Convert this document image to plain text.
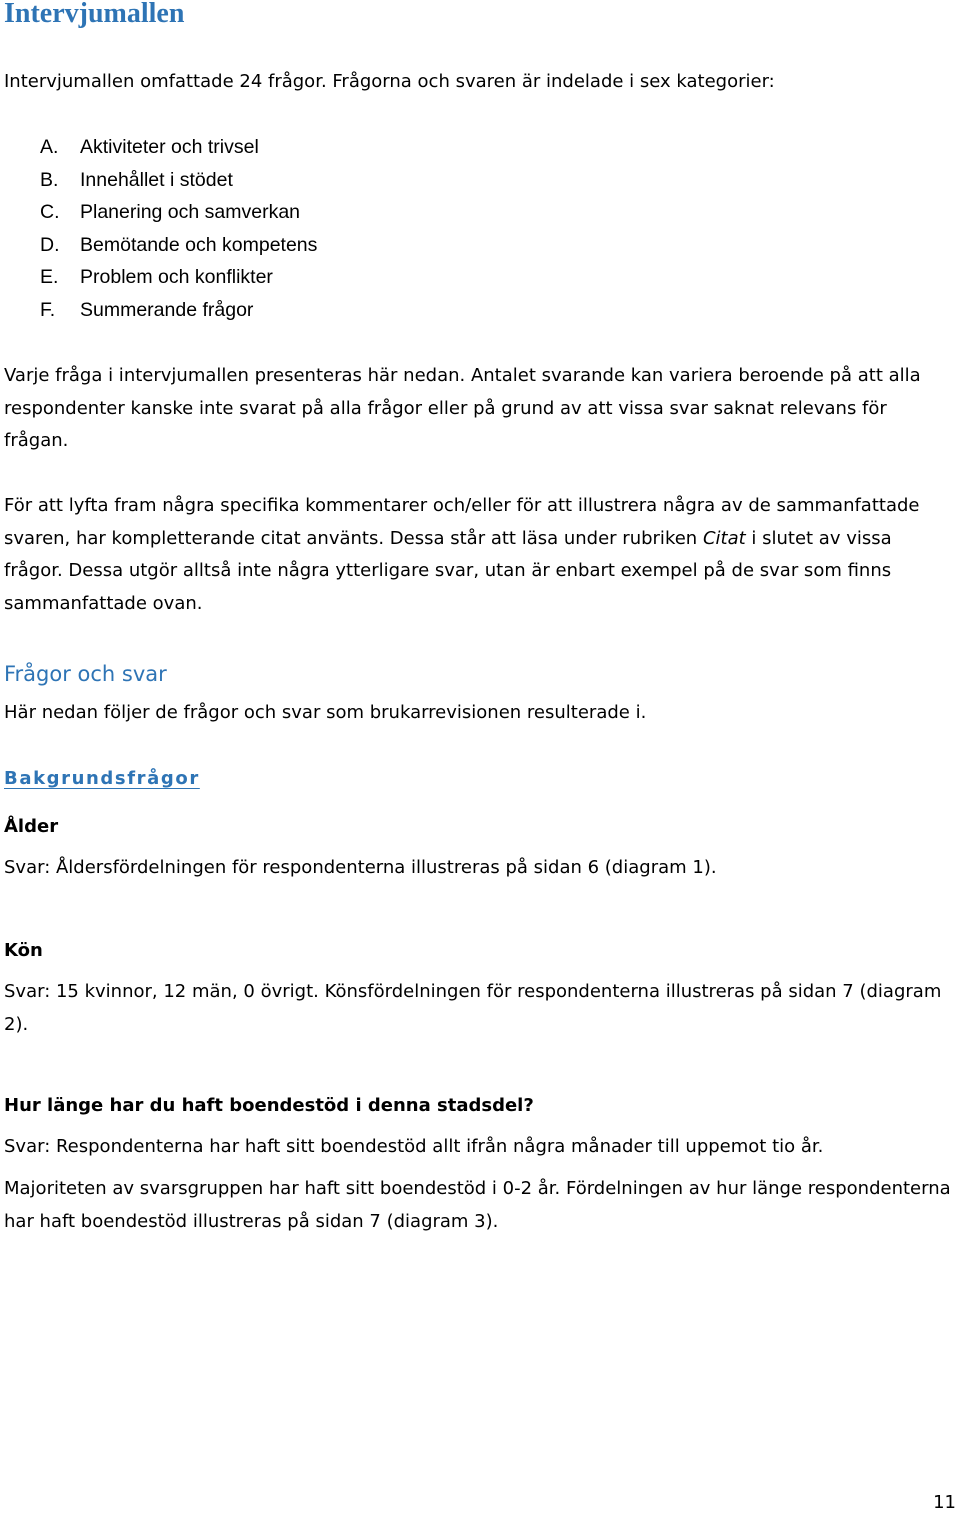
Intervjumallen

Intervjumallen omfattade 24 frågor. Frågorna och svaren är indelade i sex kategorier:

A.	Aktiviteter och trivsel
B.	Innehållet i stödet
C.	Planering och samverkan
D.	Bemötande och kompetens
E.	Problem och konflikter
F.	Summerande frågor

Varje fråga i intervjumallen presenteras här nedan. Antalet svarande kan variera beroende på att alla respondenter kanske inte svarat på alla frågor eller på grund av att vissa svar saknat relevans för frågan.

För att lyfta fram några specifika kommentarer och/eller för att illustrera några av de sammanfattade svaren, har kompletterande citat använts. Dessa står att läsa under rubriken Citat i slutet av vissa frågor. Dessa utgör alltså inte några ytterligare svar, utan är enbart exempel på de svar som finns sammanfattade ovan.

Frågor och svar

Här nedan följer de frågor och svar som brukarrevisionen resulterade i.

Bakgrundsfrågor
Ålder

Svar: Åldersfördelningen för respondenterna illustreras på sidan 6 (diagram 1).

Kön

Svar: 15 kvinnor, 12 män, 0 övrigt. Könsfördelningen för respondenterna illustreras på sidan 7 (diagram 2).

Hur länge har du haft boendestöd i denna stadsdel?

Svar: Respondenterna har haft sitt boendestöd allt ifrån några månader till uppemot tio år.

Majoriteten av svarsgruppen har haft sitt boendestöd i 0-2 år. Fördelningen av hur länge respondenterna har haft boendestöd illustreras på sidan 7 (diagram 3).

11
